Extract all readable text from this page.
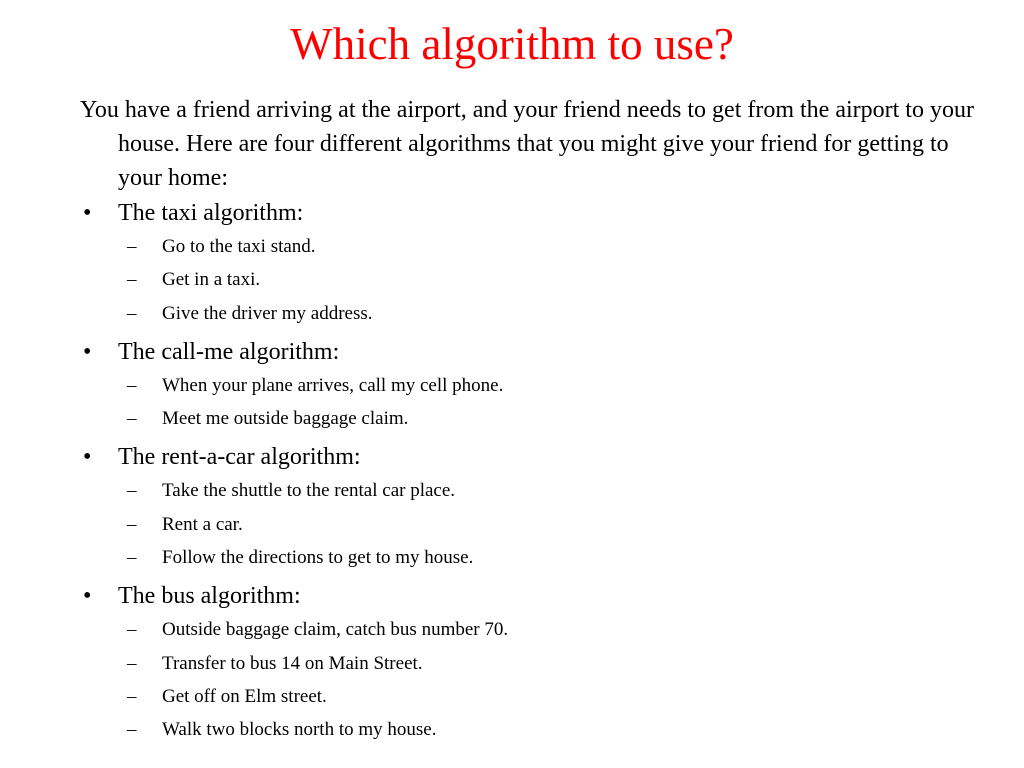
Which algorithm to use?

You have a friend arriving at the airport, and your friend needs to get from the airport to your house. Here are four different algorithms that you might give your friend for getting to your home:

• The taxi algorithm:
– Go to the taxi stand.
– Get in a taxi.
– Give the driver my address.
• The call-me algorithm:
– When your plane arrives, call my cell phone.
– Meet me outside baggage claim.
• The rent-a-car algorithm:
– Take the shuttle to the rental car place.
– Rent a car.
– Follow the directions to get to my house.
• The bus algorithm:
– Outside baggage claim, catch bus number 70.
– Transfer to bus 14 on Main Street.
– Get off on Elm street.
– Walk two blocks north to my house.
